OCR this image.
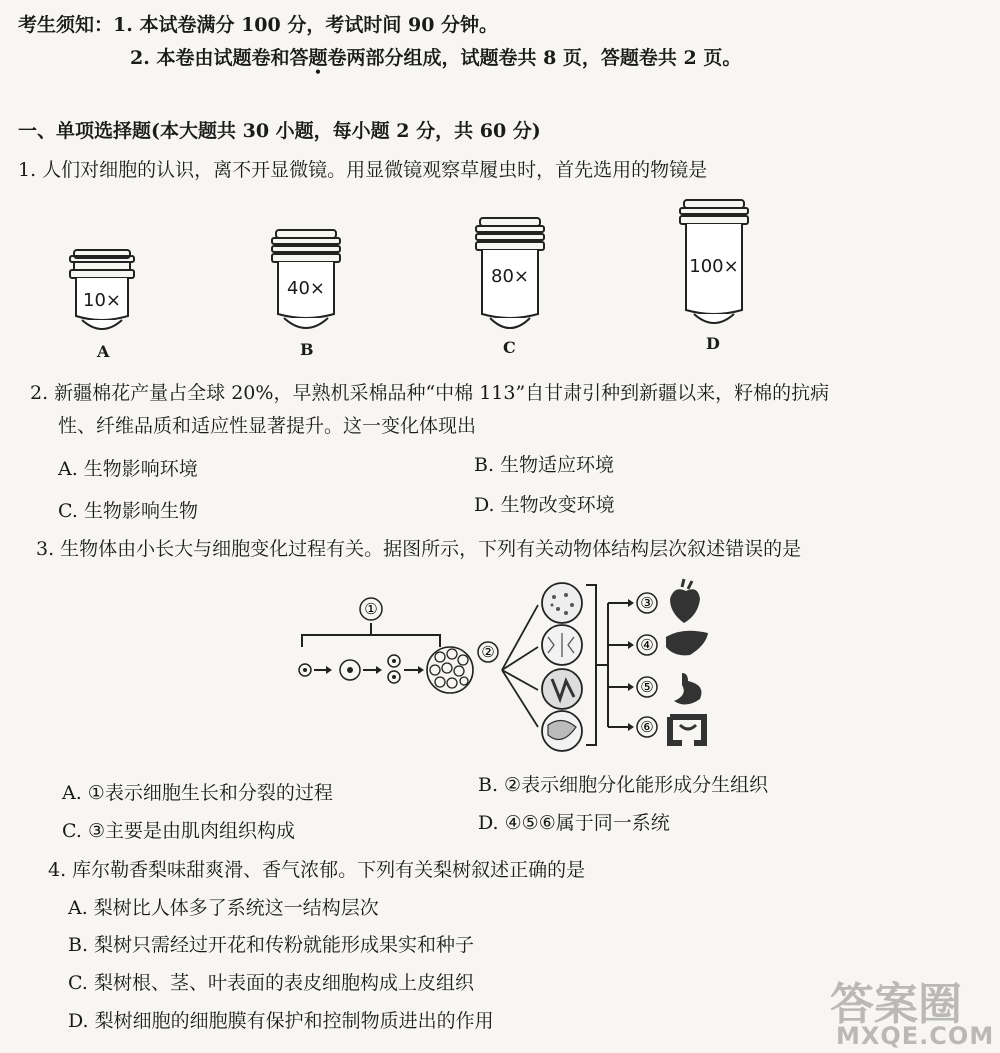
考生须知：1. 本试卷满分 100 分，考试时间 90 分钟。
2. 本卷由试题卷和答题卷两部分组成，试题卷共 8 页，答题卷共 2 页。
一、单项选择题(本大题共 30 小题，每小题 2 分，共 60 分)
1. 人们对细胞的认识，离不开显微镜。用显微镜观察草履虫时，首先选用的物镜是
10×
A
40×
B
80×
C
100×
D
2. 新疆棉花产量占全球 20%，早熟机采棉品种“中棉 113”自甘肃引种到新疆以来，籽棉的抗病
性、纤维品质和适应性显著提升。这一变化体现出
A. 生物影响环境	B. 生物适应环境
C. 生物影响生物	D. 生物改变环境
3. 生物体由小长大与细胞变化过程有关。据图所示，下列有关动物体结构层次叙述错误的是
①
②
③
④
⑤
⑥
A. ①表示细胞生长和分裂的过程	B. ②表示细胞分化能形成分生组织
C. ③主要是由肌肉组织构成	D. ④⑤⑥属于同一系统
4. 库尔勒香梨味甜爽滑、香气浓郁。下列有关梨树叙述正确的是
A. 梨树比人体多了系统这一结构层次
B. 梨树只需经过开花和传粉就能形成果实和种子
C. 梨树根、茎、叶表面的表皮细胞构成上皮组织
D. 梨树细胞的细胞膜有保护和控制物质进出的作用	答案圈
MXQE.COM
